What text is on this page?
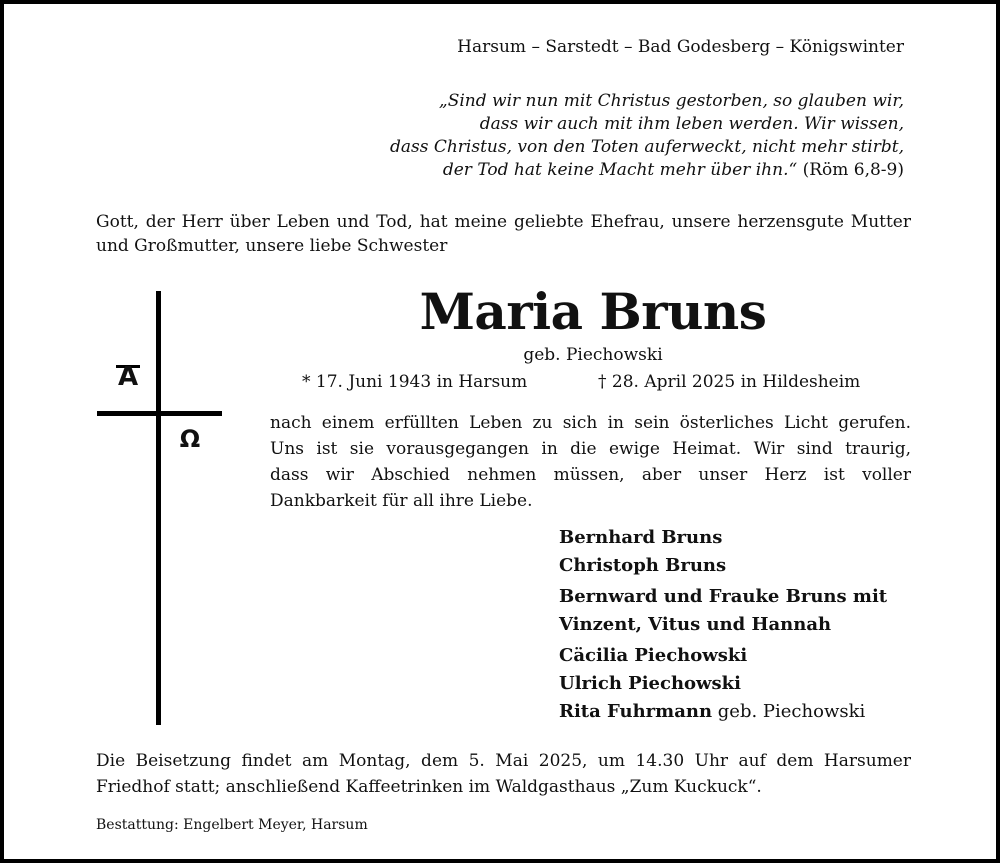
Harsum – Sarstedt – Bad Godesberg – Königswinter
„Sind wir nun mit Christus gestorben, so glauben wir,
dass wir auch mit ihm leben werden. Wir wissen,
dass Christus, von den Toten auferweckt, nicht mehr stirbt,
der Tod hat keine Macht mehr über ihn.“ (Röm 6,8-9)

Gott, der Herr über Leben und Tod, hat meine geliebte Ehefrau, unsere herzensgute Mutter und Großmutter, unsere liebe Schwester

A
Ω
Maria Bruns
geb. Piechowski
* 17. Juni 1943 in Harsum	† 28. April 2025 in Hildesheim
nach einem erfüllten Leben zu sich in sein österliches Licht gerufen.
Uns ist sie vorausgegangen in die ewige Heimat. Wir sind traurig,
dass wir Abschied nehmen müssen, aber unser Herz ist voller
Dankbarkeit für all ihre Liebe.
Bernhard Bruns
Christoph Bruns
Bernward und Frauke Bruns mit
Vinzent, Vitus und Hannah
Cäcilia Piechowski
Ulrich Piechowski
Rita Fuhrmann geb. Piechowski
Die Beisetzung findet am Montag, dem 5. Mai 2025, um 14.30 Uhr auf dem Harsumer
Friedhof statt; anschließend Kaffeetrinken im Waldgasthaus „Zum Kuckuck“.
Bestattung: Engelbert Meyer, Harsum
